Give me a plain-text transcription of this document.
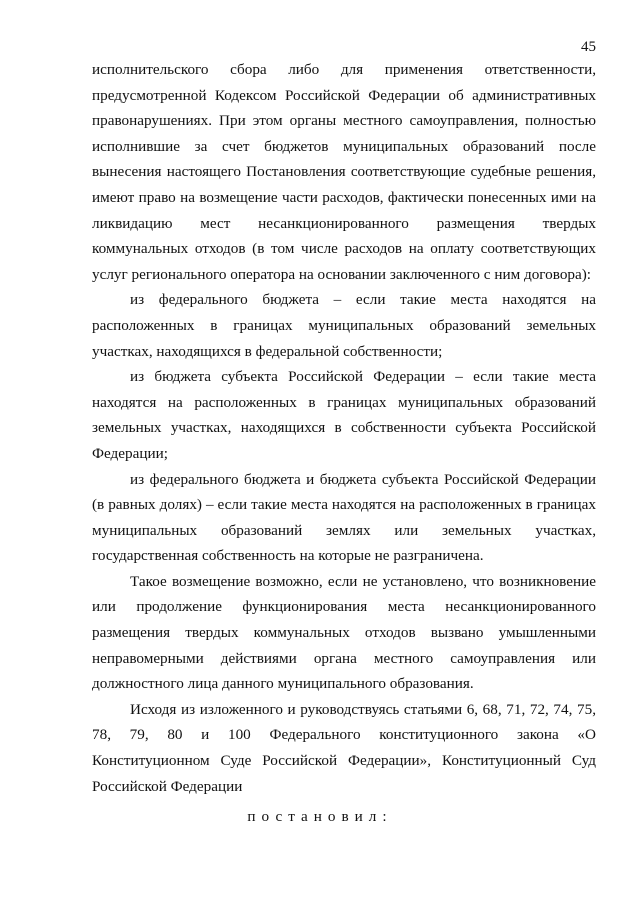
45

исполнительского сбора либо для применения ответственности, предусмотренной Кодексом Российской Федерации об административных правонарушениях. При этом органы местного самоуправления, полностью исполнившие за счет бюджетов муниципальных образований после вынесения настоящего Постановления соответствующие судебные решения, имеют право на возмещение части расходов, фактически понесенных ими на ликвидацию мест несанкционированного размещения твердых коммунальных отходов (в том числе расходов на оплату соответствующих услуг регионального оператора на основании заключенного с ним договора):

из федерального бюджета – если такие места находятся на расположенных в границах муниципальных образований земельных участках, находящихся в федеральной собственности;

из бюджета субъекта Российской Федерации – если такие места находятся на расположенных в границах муниципальных образований земельных участках, находящихся в собственности субъекта Российской Федерации;

из федерального бюджета и бюджета субъекта Российской Федерации (в равных долях) – если такие места находятся на расположенных в границах муниципальных образований землях или земельных участках, государственная собственность на которые не разграничена.

Такое возмещение возможно, если не установлено, что возникновение или продолжение функционирования места несанкционированного размещения твердых коммунальных отходов вызвано умышленными неправомерными действиями органа местного самоуправления или должностного лица данного муниципального образования.

Исходя из изложенного и руководствуясь статьями 6, 68, 71, 72, 74, 75, 78, 79, 80 и 100 Федерального конституционного закона «О Конституционном Суде Российской Федерации», Конституционный Суд Российской Федерации

постановил:
